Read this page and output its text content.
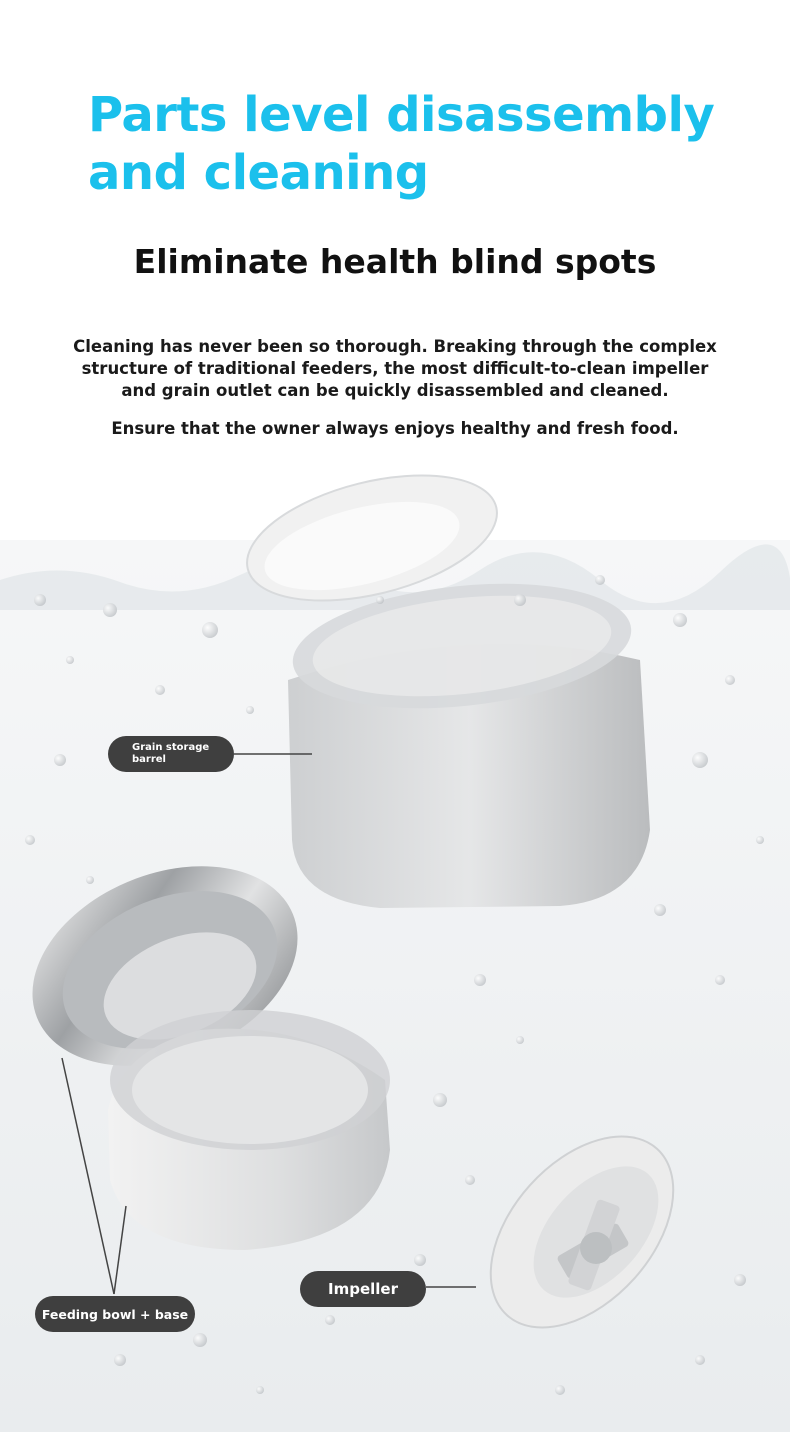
Parts level disassembly
and cleaning
Eliminate health blind spots
Cleaning has never been so thorough. Breaking through the complex
structure of traditional feeders, the most difficult-to-clean impeller
and grain outlet can be quickly disassembled and cleaned.
Ensure that the owner always enjoys healthy and fresh food.
Grain storage
barrel
Feeding bowl + base
Impeller
